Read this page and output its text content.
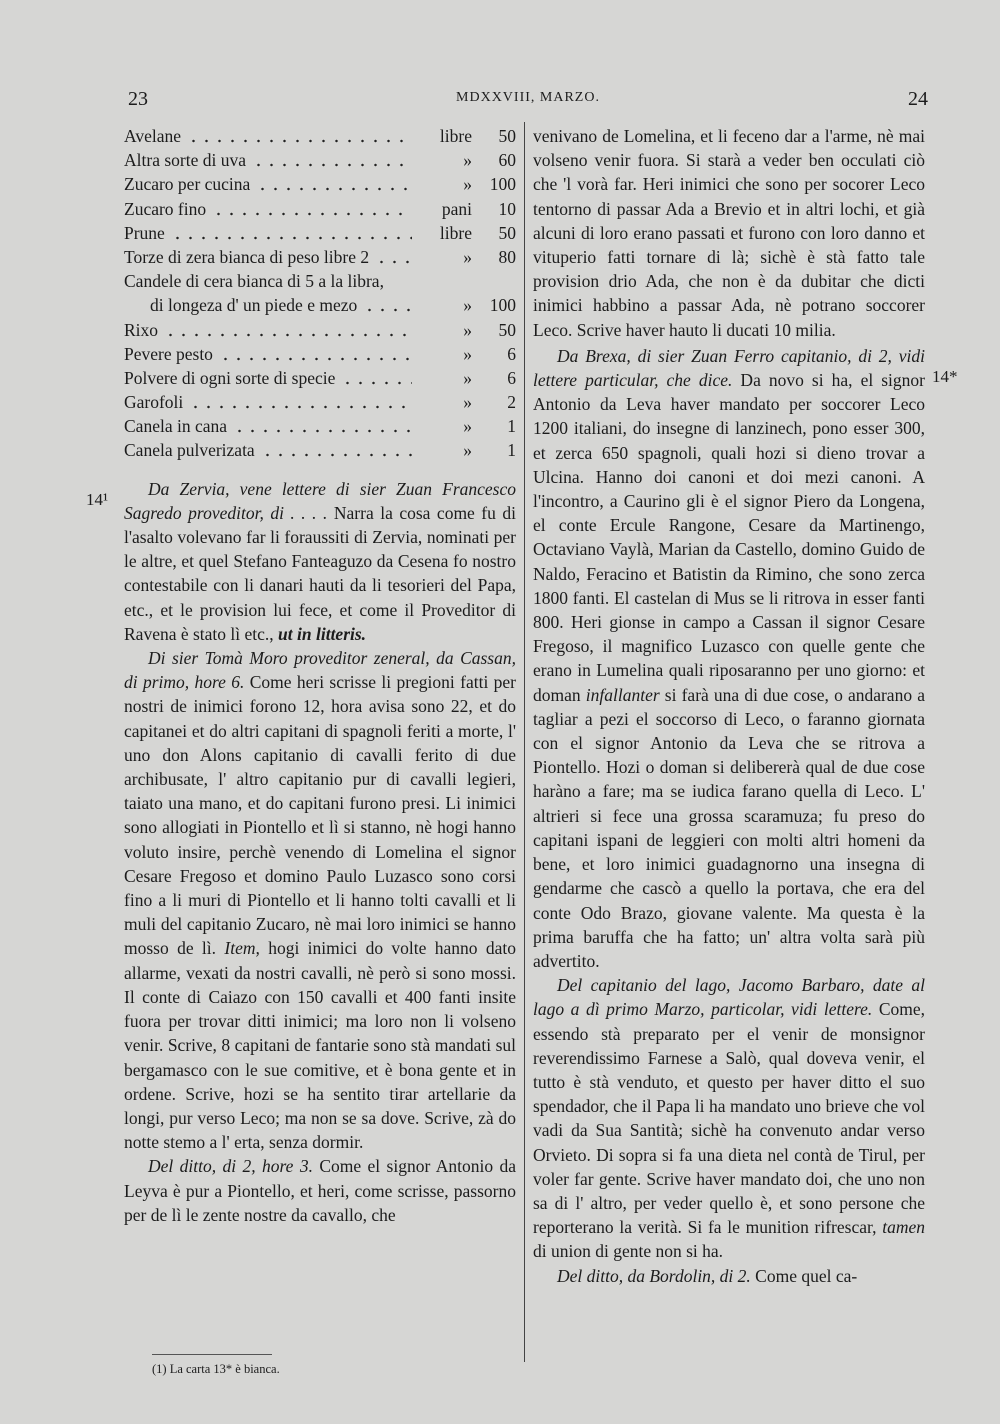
23	MDXXVIII, MARZO.	24
Avelane	libre	50
Altra sorte di uva	»	60
Zucaro per cucina	»	100
Zucaro fino	pani	10
Prune	libre	50
Torze di zera bianca di peso libre 2	»	80
Candele di cera bianca di 5 a la libra,
di longeza d' un piede e mezo	»	100
Rixo	»	50
Pevere pesto	»	6
Polvere di ogni sorte di specie	»	6
Garofoli	»	2
Canela in cana	»	1
Canela pulverizata	»	1

Da Zervia, vene lettere di sier Zuan Francesco Sagredo proveditor, di . . . . Narra la cosa come fu di l'asalto volevano far li foraussiti di Zervia, nominati per le altre, et quel Stefano Fanteaguzo da Cesena fo nostro contestabile con li danari hauti da li tesorieri del Papa, etc., et le provision lui fece, et come il Proveditor di Ravena è stato lì etc., ut in litteris.

Di sier Tomà Moro proveditor zeneral, da Cassan, di primo, hore 6. Come heri scrisse li pregioni fatti per nostri de inimici forono 12, hora avisa sono 22, et do capitanei et do altri capitani di spagnoli feriti a morte, l' uno don Alons capitanio di cavalli ferito di due archibusate, l' altro capitanio pur di cavalli legieri, taiato una mano, et do capitani furono presi. Li inimici sono allogiati in Piontello et lì si stanno, nè hogi hanno voluto insire, perchè venendo di Lomelina el signor Cesare Fregoso et domino Paulo Luzasco sono corsi fino a li muri di Piontello et li hanno tolti cavalli et li muli del capitanio Zucaro, nè mai loro inimici se hanno mosso de lì. Item, hogi inimici do volte hanno dato allarme, vexati da nostri cavalli, nè però si sono mossi. Il conte di Caiazo con 150 cavalli et 400 fanti insite fuora per trovar ditti inimici; ma loro non li volseno venir. Scrive, 8 capitani de fantarie sono stà mandati sul bergamasco con le sue comitive, et è bona gente et in ordene. Scrive, hozi se ha sentito tirar artellarie da longi, pur verso Leco; ma non se sa dove. Scrive, zà do notte stemo a l' erta, senza dormir.

Del ditto, di 2, hore 3. Come el signor Antonio da Leyva è pur a Piontello, et heri, come scrisse, passorno per de lì le zente nostre da cavallo, che

venivano de Lomelina, et li feceno dar a l'arme, nè mai volseno venir fuora. Si starà a veder ben occulati ciò che 'l vorà far. Heri inimici che sono per socorer Leco tentorno di passar Ada a Brevio et in altri lochi, et già alcuni di loro erano passati et furono con loro danno et vituperio fatti tornare di là; sichè è stà fatto tale provision drio Ada, che non è da dubitar che dicti inimici habbino a passar Ada, nè potrano soccorer Leco. Scrive haver hauto li ducati 10 milia.

Da Brexa, di sier Zuan Ferro capitanio, di 2, vidi lettere particular, che dice. Da novo si ha, el signor Antonio da Leva haver mandato per soccorer Leco 1200 italiani, do insegne di lanzinech, pono esser 300, et zerca 650 spagnoli, quali hozi si dieno trovar a Ulcina. Hanno doi canoni et doi mezi canoni. A l'incontro, a Caurino gli è el signor Piero da Longena, el conte Ercule Rangone, Cesare da Martinengo, Octaviano Vaylà, Marian da Castello, domino Guido de Naldo, Feracino et Batistin da Rimino, che sono zerca 1800 fanti. El castelan di Mus se li ritrova in esser fanti 800. Heri gionse in campo a Cassan il signor Cesare Fregoso, il magnifico Luzasco con quelle gente che erano in Lumelina quali riposaranno per uno giorno: et doman infallanter si farà una di due cose, o andarano a tagliar a pezi el soccorso di Leco, o faranno giornata con el signor Antonio da Leva che se ritrova a Piontello. Hozi o doman si delibererà qual de due cose haràno a fare; ma se iudica farano quella di Leco. L' altrieri si fece una grossa scaramuza; fu preso do capitani ispani de leggieri con molti altri homeni da bene, et loro inimici guadagnorno una insegna di gendarme che cascò a quello la portava, che era del conte Odo Brazo, giovane valente. Ma questa è la prima baruffa che ha fatto; un' altra volta sarà più advertito.

Del capitanio del lago, Jacomo Barbaro, date al lago a dì primo Marzo, particolar, vidi lettere. Come, essendo stà preparato per el venir de monsignor reverendissimo Farnese a Salò, qual doveva venir, el tutto è stà venduto, et questo per haver ditto el suo spendador, che il Papa li ha mandato uno brieve che vol vadi da Sua Santità; sichè ha convenuto andar verso Orvieto. Di sopra si fa una dieta nel contà de Tirul, per voler far gente. Scrive haver mandato doi, che uno non sa di l' altro, per veder quello è, et sono persone che reporterano la verità. Si fa le munition rifrescar, tamen di union di gente non si ha.

Del ditto, da Bordolin, di 2. Come quel ca-

14¹
14*
(1) La carta 13* è bianca.
